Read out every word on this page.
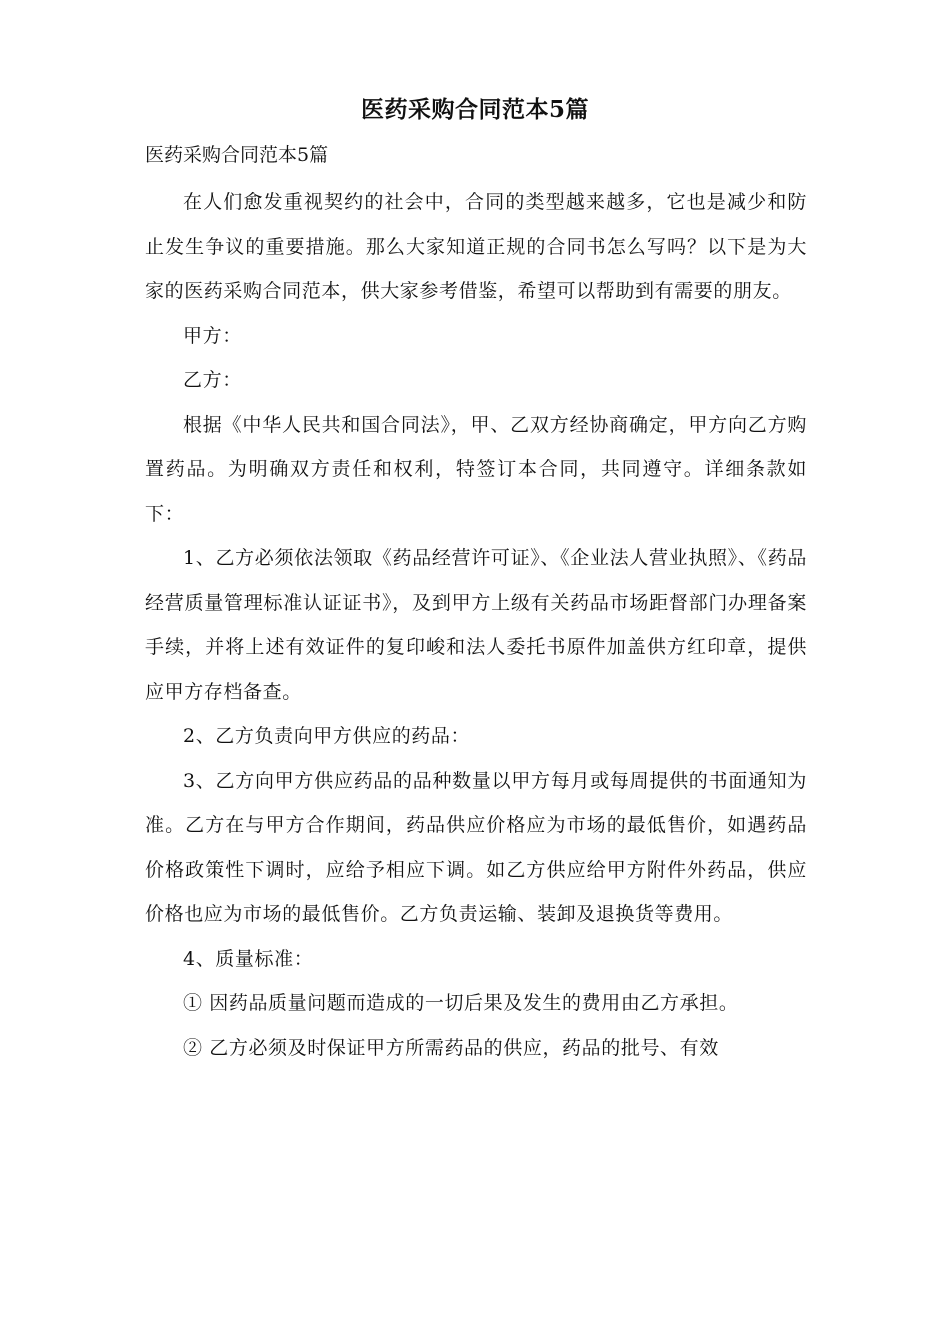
医药采购合同范本5篇
医药采购合同范本5篇

在人们愈发重视契约的社会中，合同的类型越来越多，它也是减少和防止发生争议的重要措施。那么大家知道正规的合同书怎么写吗？以下是为大家的医药采购合同范本，供大家参考借鉴，希望可以帮助到有需要的朋友。

甲方：

乙方：

根据《中华人民共和国合同法》，甲、乙双方经协商确定，甲方向乙方购置药品。为明确双方责任和权利，特签订本合同，共同遵守。详细条款如下：

1、乙方必须依法领取《药品经营许可证》、《企业法人营业执照》、《药品经营质量管理标准认证证书》，及到甲方上级有关药品市场距督部门办理备案手续，并将上述有效证件的复印峻和法人委托书原件加盖供方红印章，提供应甲方存档备查。

2、乙方负责向甲方供应的药品：

3、乙方向甲方供应药品的品种数量以甲方每月或每周提供的书面通知为准。乙方在与甲方合作期间，药品供应价格应为市场的最低售价，如遇药品价格政策性下调时，应给予相应下调。如乙方供应给甲方附件外药品，供应价格也应为市场的最低售价。乙方负责运输、装卸及退换货等费用。

4、质量标准：

① 因药品质量问题而造成的一切后果及发生的费用由乙方承担。

② 乙方必须及时保证甲方所需药品的供应，药品的批号、有效
